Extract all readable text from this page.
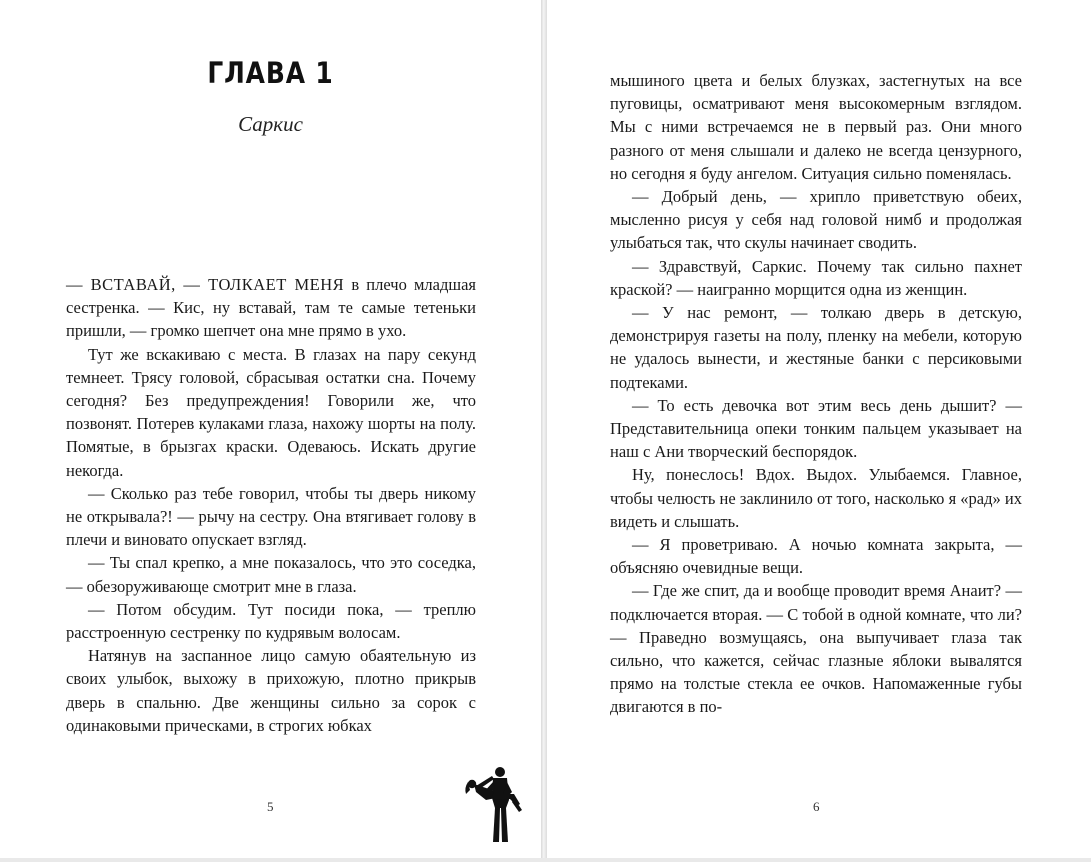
ГЛАВА 1
Саркис

— ВСТАВАЙ, — ТОЛКАЕТ МЕНЯ в плечо младшая сестренка. — Кис, ну вставай, там те самые тетеньки пришли, — громко шепчет она мне прямо в ухо.

Тут же вскакиваю с места. В глазах на пару секунд темнеет. Трясу головой, сбрасывая остатки сна. Почему сегодня? Без предупреждения! Говорили же, что позвонят. Потерев кулаками глаза, нахожу шорты на полу. Помятые, в брызгах краски. Одеваюсь. Искать другие некогда.

— Сколько раз тебе говорил, чтобы ты дверь никому не открывала?! — рычу на сестру. Она втягивает голову в плечи и виновато опускает взгляд.

— Ты спал крепко, а мне показалось, что это соседка, — обезоруживающе смотрит мне в глаза.

— Потом обсудим. Тут посиди пока, — треплю расстроенную сестренку по кудрявым волосам.

Натянув на заспанное лицо самую обаятельную из своих улыбок, выхожу в прихожую, плотно прикрыв дверь в спальню. Две женщины сильно за сорок с одинаковыми прическами, в строгих юбках

5	6

мышиного цвета и белых блузках, застегнутых на все пуговицы, осматривают меня высокомерным взглядом. Мы с ними встречаемся не в первый раз. Они много разного от меня слышали и далеко не всегда цензурного, но сегодня я буду ангелом. Ситуация сильно поменялась.

— Добрый день, — хрипло приветствую обеих, мысленно рисуя у себя над головой нимб и продолжая улыбаться так, что скулы начинает сводить.

— Здравствуй, Саркис. Почему так сильно пахнет краской? — наигранно морщится одна из женщин.

— У нас ремонт, — толкаю дверь в детскую, демонстрируя газеты на полу, пленку на мебели, которую не удалось вынести, и жестяные банки с персиковыми подтеками.

— То есть девочка вот этим весь день дышит? — Представительница опеки тонким пальцем указывает на наш с Ани творческий беспорядок.

Ну, понеслось! Вдох. Выдох. Улыбаемся. Главное, чтобы челюсть не заклинило от того, насколько я «рад» их видеть и слышать.

— Я проветриваю. А ночью комната закрыта, — объясняю очевидные вещи.

— Где же спит, да и вообще проводит время Анаит? — подключается вторая. — С тобой в одной комнате, что ли? — Праведно возмущаясь, она выпучивает глаза так сильно, что кажется, сейчас глазные яблоки вывалятся прямо на толстые стекла ее очков. Напомаженные губы двигаются в по-
